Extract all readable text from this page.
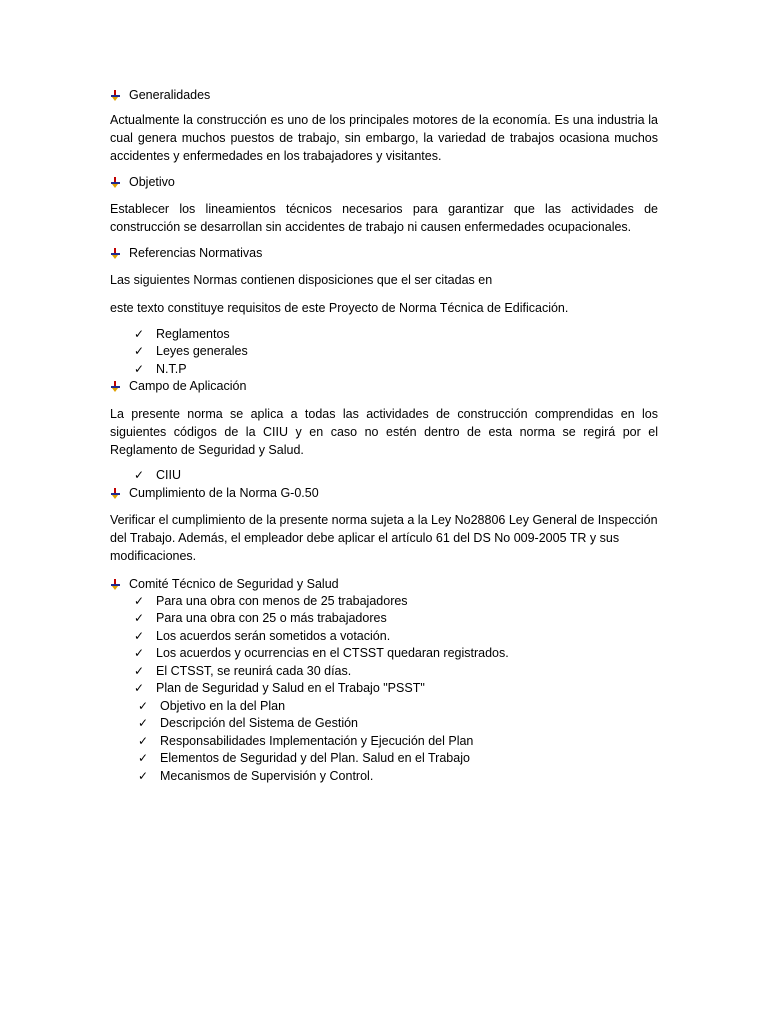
Generalidades

Actualmente la construcción es uno de los principales motores de la economía. Es una industria la cual genera muchos puestos de trabajo, sin embargo, la variedad de trabajos ocasiona muchos accidentes y enfermedades en los trabajadores y visitantes.

Objetivo

Establecer los lineamientos técnicos necesarios para garantizar que las actividades de construcción se desarrollan sin accidentes de trabajo ni causen enfermedades ocupacionales.

Referencias Normativas

Las siguientes Normas contienen disposiciones que el ser citadas en

este texto constituye requisitos de este Proyecto de Norma Técnica de Edificación.

✓ Reglamentos
✓ Leyes generales
✓ N.T.P
Campo de Aplicación

La presente norma se aplica a todas las actividades de construcción comprendidas en los siguientes códigos de la CIIU y en caso no estén dentro de esta norma se regirá por el Reglamento de Seguridad y Salud.

✓ CIIU
Cumplimiento de la Norma G-0.50

Verificar el cumplimiento de la presente norma sujeta a la Ley No28806 Ley General de Inspección del Trabajo. Además, el empleador debe aplicar el artículo 61 del DS No 009-2005 TR y sus modificaciones.

Comité Técnico de Seguridad y Salud
✓ Para una obra con menos de 25 trabajadores
✓ Para una obra con 25 o más trabajadores
✓ Los acuerdos serán sometidos a votación.
✓ Los acuerdos y ocurrencias en el CTSST quedaran registrados.
✓ El CTSST, se reunirá cada 30 días.
✓ Plan de Seguridad y Salud en el Trabajo "PSST"
✓ Objetivo en la del Plan
✓ Descripción del Sistema de Gestión
✓ Responsabilidades Implementación y Ejecución del Plan
✓ Elementos de Seguridad y del Plan. Salud en el Trabajo
✓ Mecanismos de Supervisión y Control.
